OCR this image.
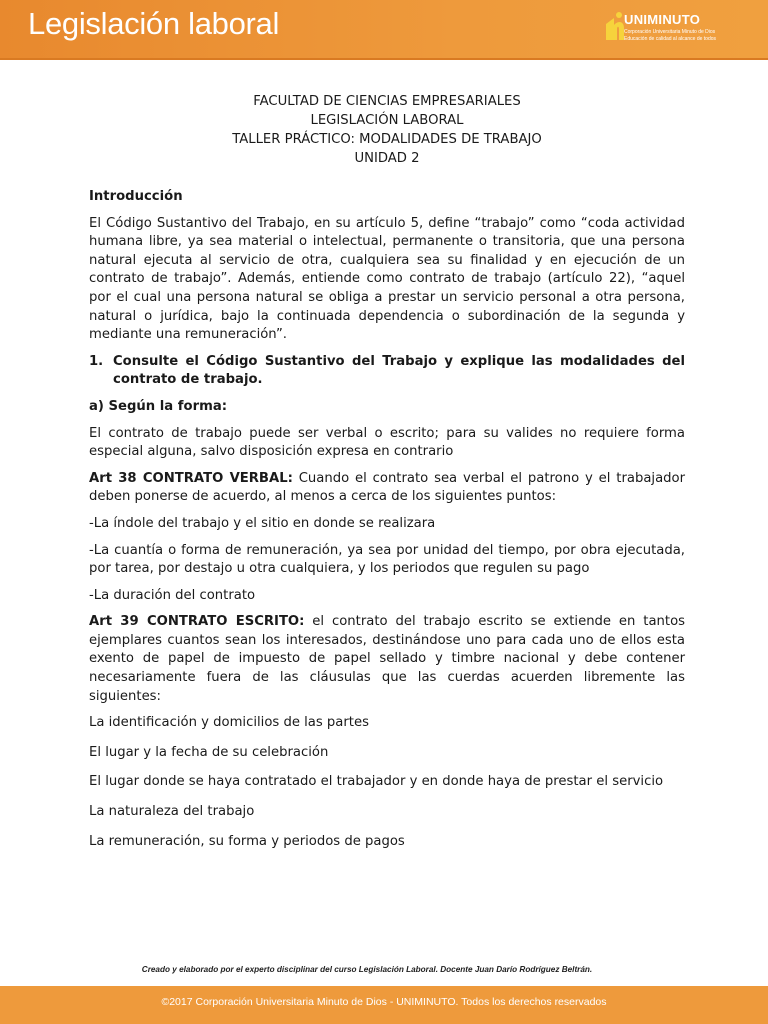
Legislación laboral	UNIMINUTO
Corporación Universitaria Minuto de Dios
Educación de calidad al alcance de todos
FACULTAD DE CIENCIAS EMPRESARIALES
LEGISLACIÓN LABORAL
TALLER PRÁCTICO: MODALIDADES DE TRABAJO
UNIDAD 2
Introducción

El Código Sustantivo del Trabajo, en su artículo 5, define “trabajo” como “coda actividad humana libre, ya sea material o intelectual, permanente o transitoria, que una persona natural ejecuta al servicio de otra, cualquiera sea su finalidad y en ejecución de un contrato de trabajo”. Además, entiende como contrato de trabajo (artículo 22), “aquel por el cual una persona natural se obliga a prestar un servicio personal a otra persona, natural o jurídica, bajo la continuada dependencia o subordinación de la segunda y mediante una remuneración”.

1. Consulte el Código Sustantivo del Trabajo y explique las modalidades del contrato de trabajo.
a) Según la forma:

El contrato de trabajo puede ser verbal o escrito; para su valides no requiere forma especial alguna, salvo disposición expresa en contrario

Art 38 CONTRATO VERBAL: Cuando el contrato sea verbal el patrono y el trabajador deben ponerse de acuerdo, al menos a cerca de los siguientes puntos:

-La índole del trabajo y el sitio en donde se realizara

-La cuantía o forma de remuneración, ya sea por unidad del tiempo, por obra ejecutada, por tarea, por destajo u otra cualquiera, y los periodos que regulen su pago

-La duración del contrato

Art 39 CONTRATO ESCRITO: el contrato del trabajo escrito se extiende en tantos ejemplares cuantos sean los interesados, destinándose uno para cada uno de ellos esta exento de papel de impuesto de papel sellado y timbre nacional y debe contener necesariamente fuera de las cláusulas que las cuerdas acuerden libremente las siguientes:

La identificación y domicilios de las partes

El lugar y la fecha de su celebración

El lugar donde se haya contratado el trabajador y en donde haya de prestar el servicio

La naturaleza del trabajo

La remuneración, su forma y periodos de pagos

Creado y elaborado por el experto disciplinar del curso Legislación Laboral. Docente Juan Darío Rodríguez Beltrán.
©2017 Corporación Universitaria Minuto de Dios - UNIMINUTO. Todos los derechos reservados
